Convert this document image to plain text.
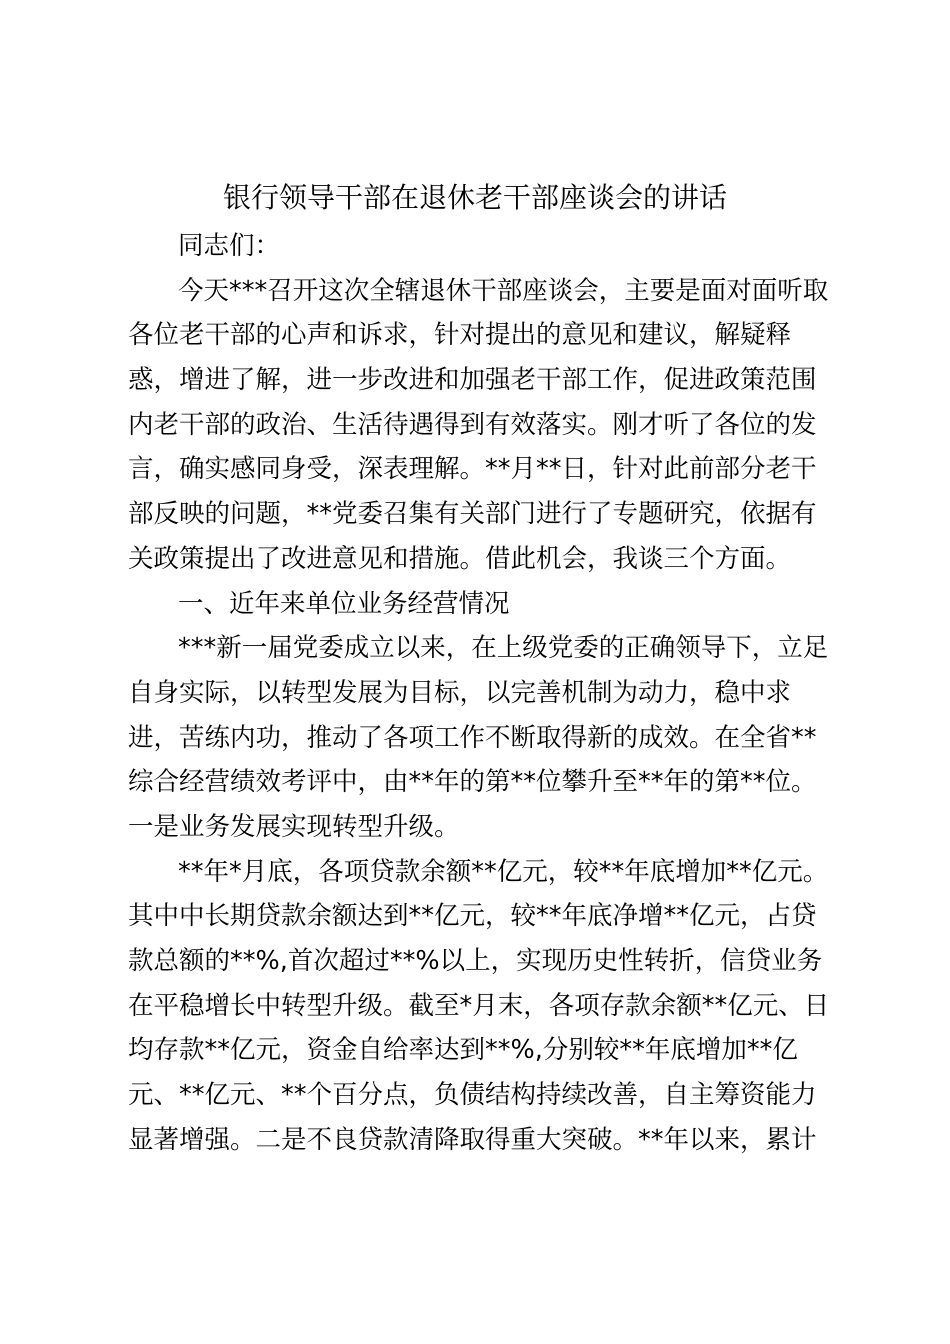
银行领导干部在退休老干部座谈会的讲话
同志们：
今天***召开这次全辖退休干部座谈会，主要是面对面听取
各位老干部的心声和诉求，针对提出的意见和建议，解疑释
惑，增进了解，进一步改进和加强老干部工作，促进政策范围
内老干部的政治、生活待遇得到有效落实。刚才听了各位的发
言，确实感同身受，深表理解。**月**日，针对此前部分老干
部反映的问题，**党委召集有关部门进行了专题研究，依据有
关政策提出了改进意见和措施。借此机会，我谈三个方面。
一、近年来单位业务经营情况
***新一届党委成立以来，在上级党委的正确领导下，立足
自身实际，以转型发展为目标，以完善机制为动力，稳中求
进，苦练内功，推动了各项工作不断取得新的成效。在全省**
综合经营绩效考评中，由**年的第**位攀升至**年的第**位。
一是业务发展实现转型升级。
**年*月底，各项贷款余额**亿元，较**年底增加**亿元。
其中中长期贷款余额达到**亿元，较**年底净增**亿元，占贷
款总额的**%,首次超过**%以上，实现历史性转折，信贷业务
在平稳增长中转型升级。截至*月末，各项存款余额**亿元、日
均存款**亿元，资金自给率达到**%,分别较**年底增加**亿
元、**亿元、**个百分点，负债结构持续改善，自主筹资能力
显著增强。二是不良贷款清降取得重大突破。**年以来，累计
